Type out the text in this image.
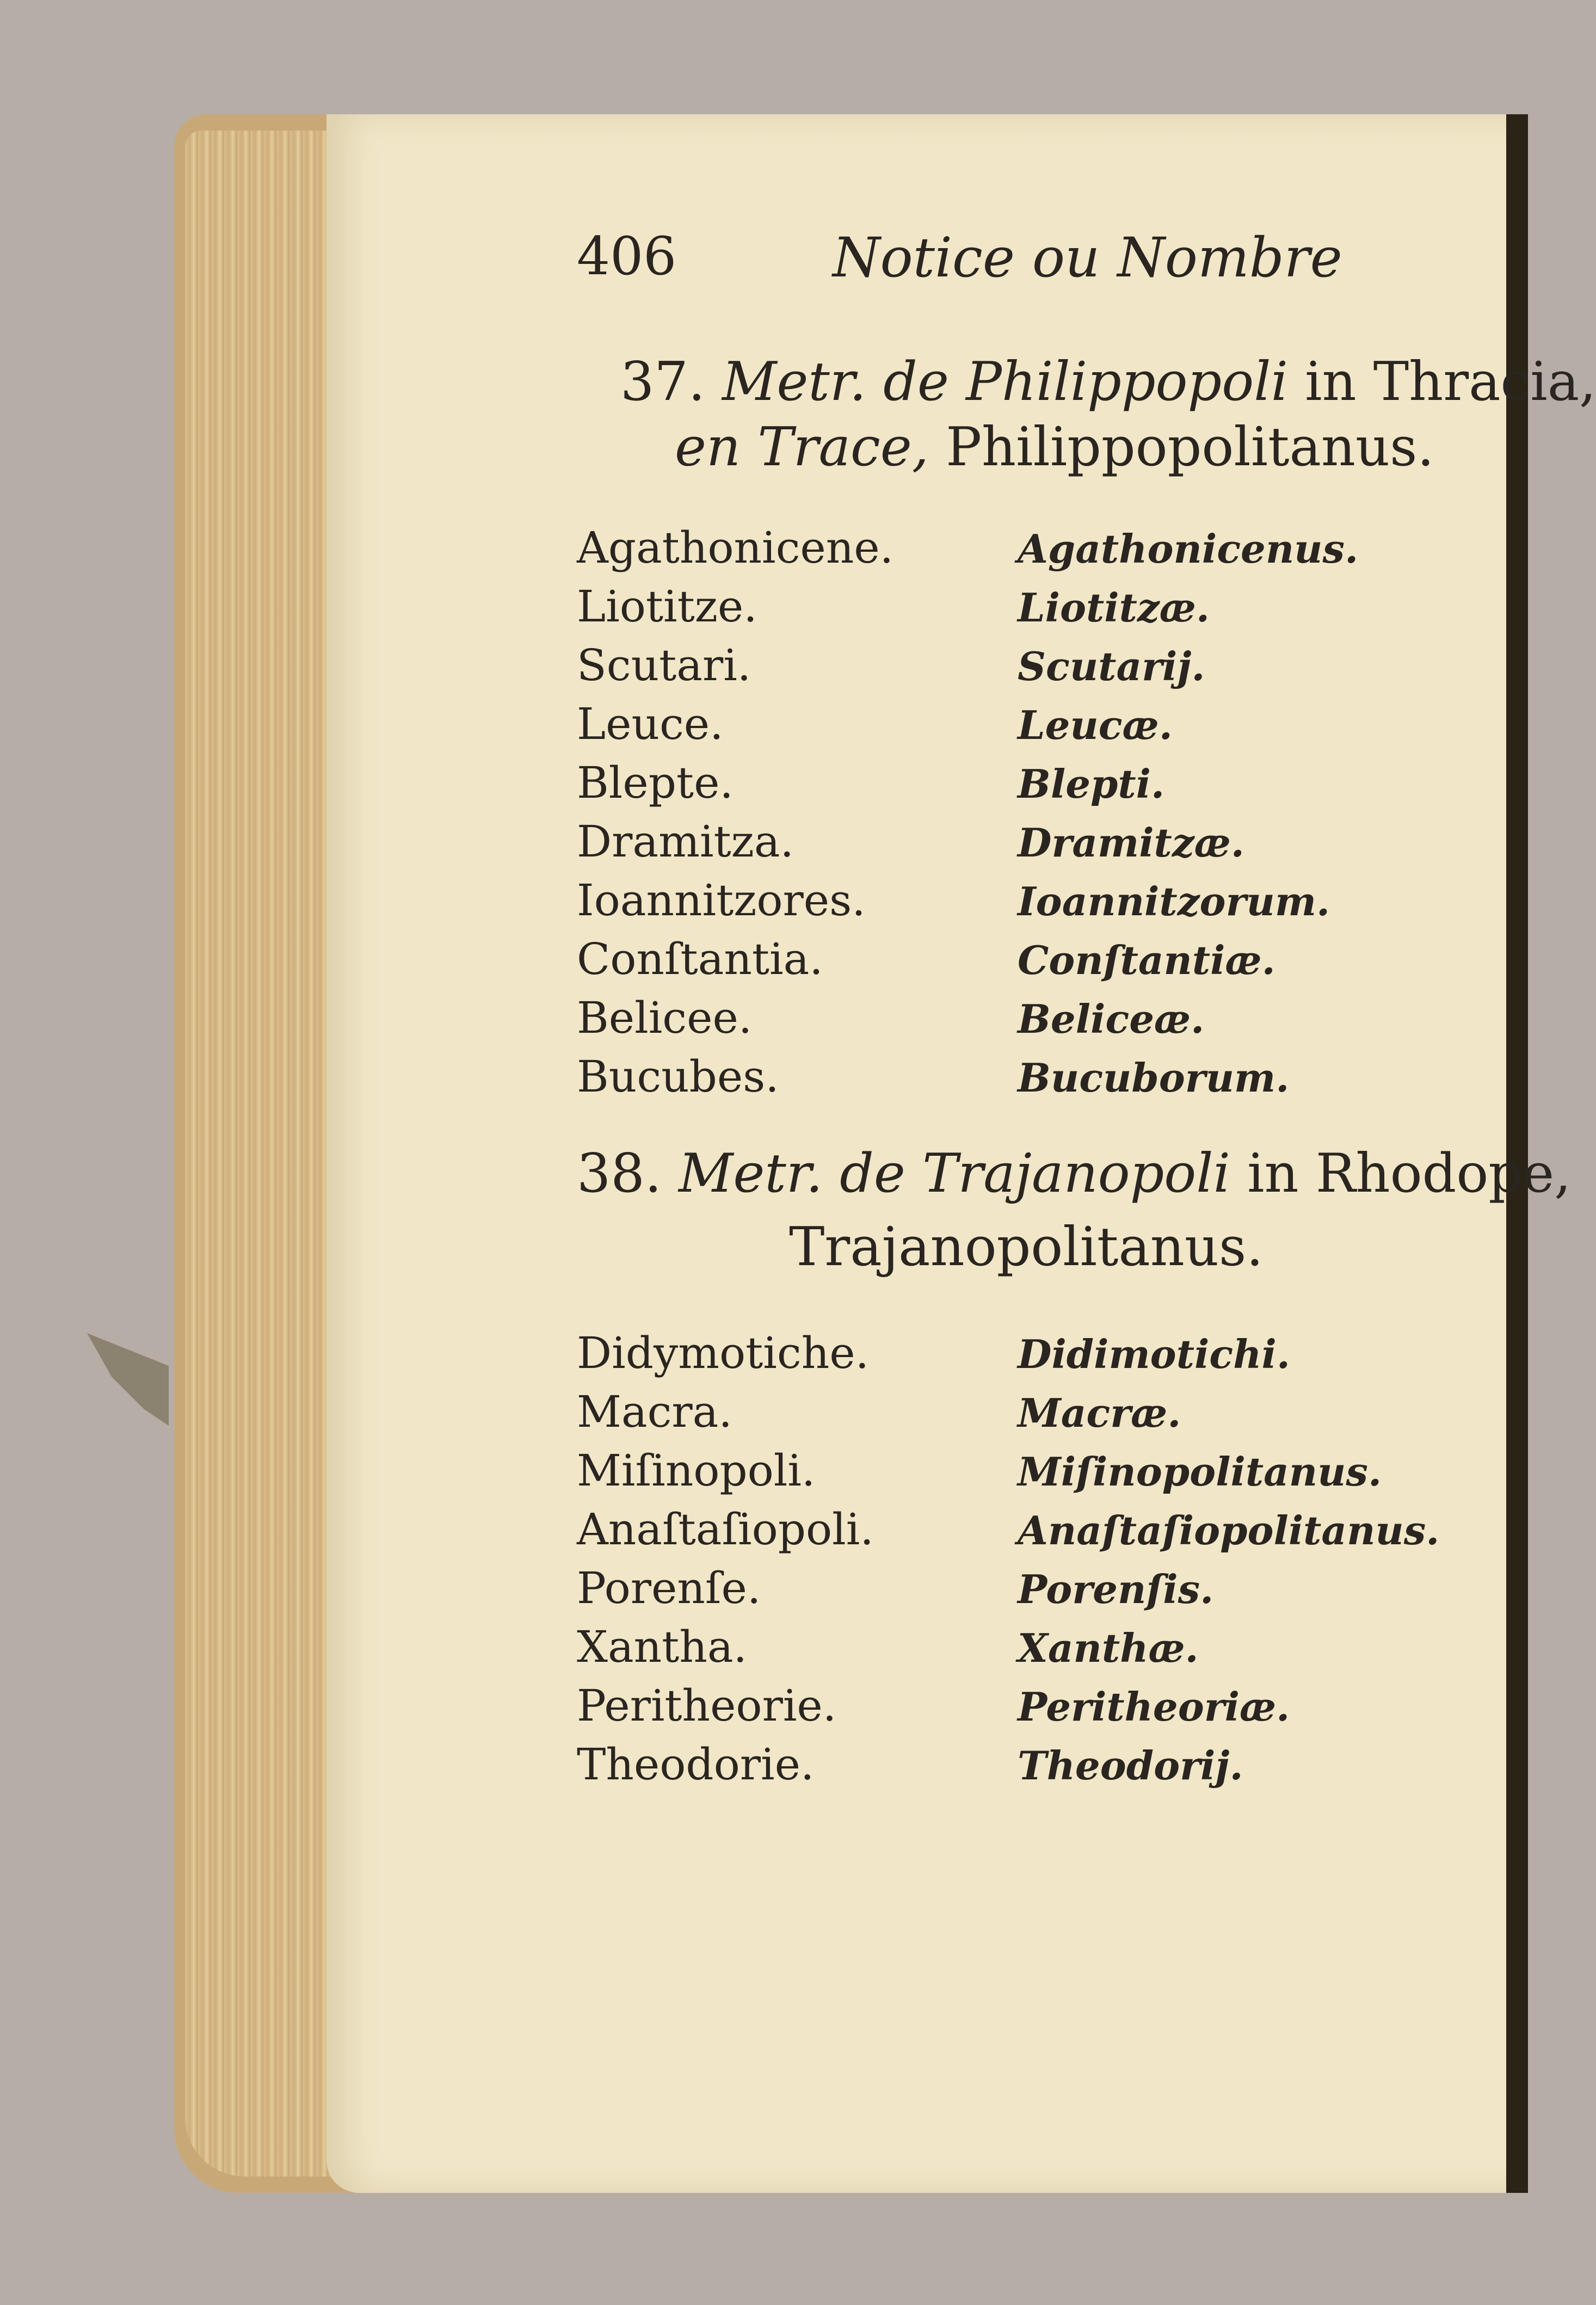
406	Notice ou Nombre
37. Metr. de Philippopoli in Thracia,
en Trace, Philippopolitanus.
Agathonicene.	Agathonicenus.
Liotitze.	Liotitzæ.
Scutari.	Scutarij.
Leuce.	Leucæ.
Blepte.	Blepti.
Dramitza.	Dramitzæ.
Ioannitzores.	Ioannitzorum.
Conſtantia.	Conſtantiæ.
Belicee.	Beliceæ.
Bucubes.	Bucuborum.
38. Metr. de Trajanopoli in Rhodope,
Trajanopolitanus.
Didymotiche.	Didimotichi.
Macra.	Macræ.
Miſinopoli.	Miſinopolitanus.
Anaſtaſiopoli.	Anaſtaſiopolitanus.
Porenſe.	Porenſis.
Xantha.	Xanthæ.
Peritheorie.	Peritheoriæ.
Theodorie.	Theodorij.
